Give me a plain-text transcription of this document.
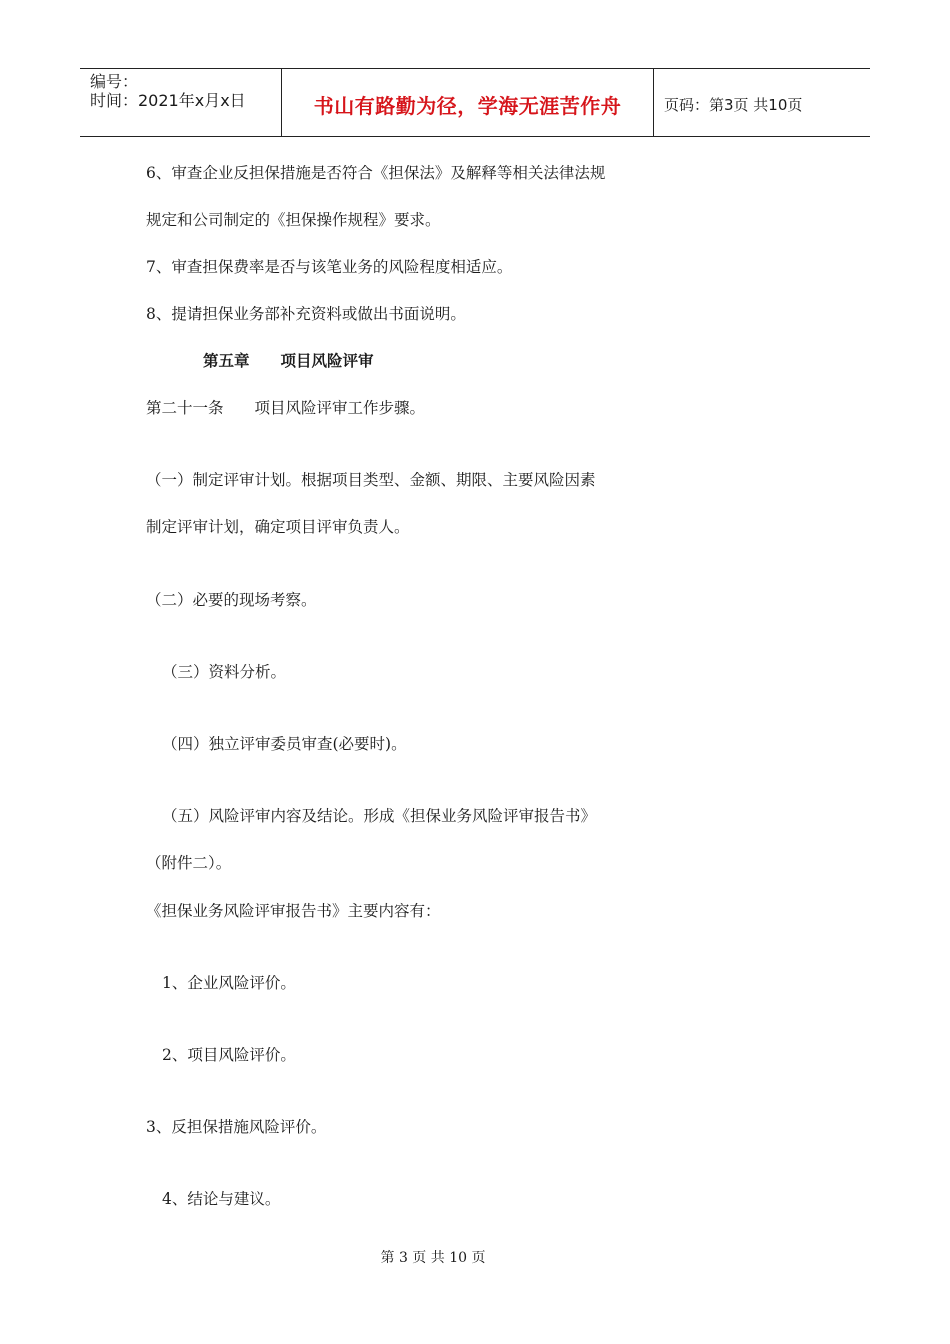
编号：
时间：2021年x月x日	书山有路勤为径，学海无涯苦作舟	页码：第3页 共10页
6、审查企业反担保措施是否符合《担保法》及解释等相关法律法规
规定和公司制定的《担保操作规程》要求。
7、审查担保费率是否与该笔业务的风险程度相适应。
8、提请担保业务部补充资料或做出书面说明。
第五章　　项目风险评审
第二十一条　　项目风险评审工作步骤。
（一）制定评审计划。根据项目类型、金额、期限、主要风险因素
制定评审计划，确定项目评审负责人。
（二）必要的现场考察。
（三）资料分析。
（四）独立评审委员审查(必要时)。
（五）风险评审内容及结论。形成《担保业务风险评审报告书》
（附件二）。
《担保业务风险评审报告书》主要内容有：
1、企业风险评价。
2、项目风险评价。
3、反担保措施风险评价。
4、结论与建议。
第 3 页 共 10 页
